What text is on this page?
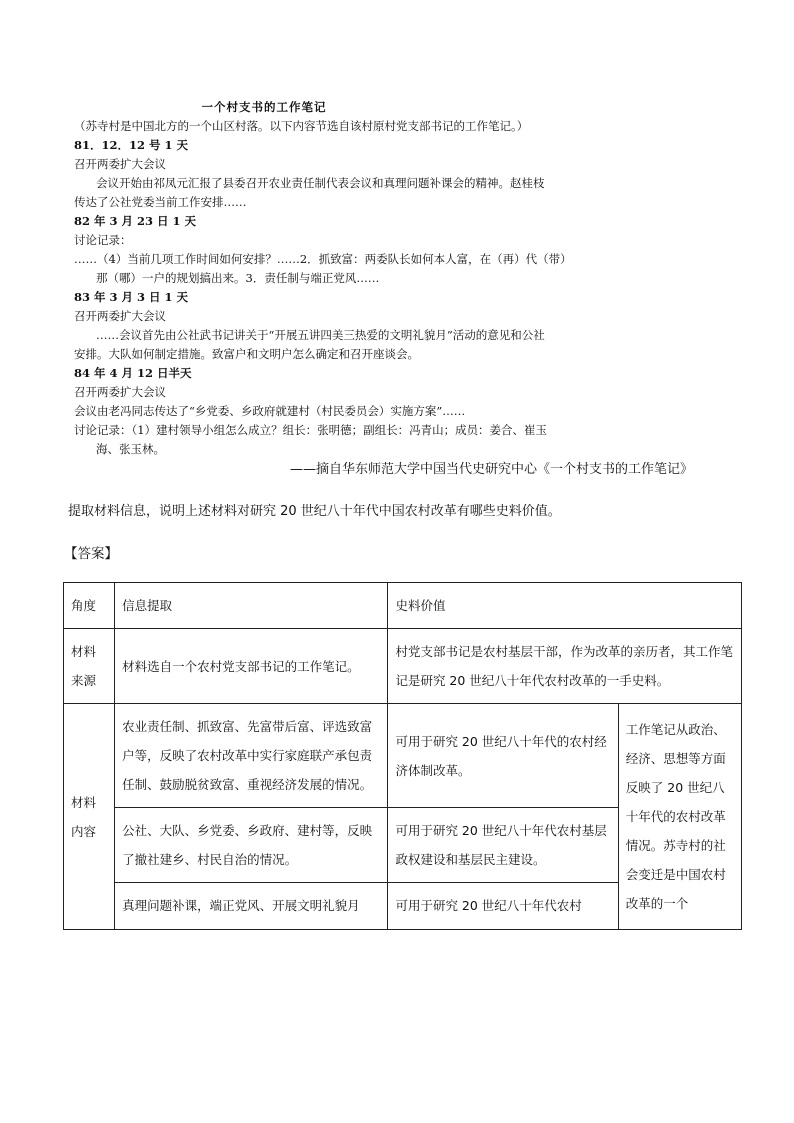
一个村支书的工作笔记

（苏寺村是中国北方的一个山区村落。以下内容节选自该村原村党支部书记的工作笔记。）

81．12．12 号 1 天

召开两委扩大会议

会议开始由祁凤元汇报了县委召开农业责任制代表会议和真理问题补课会的精神。赵桂枝

传达了公社党委当前工作安排……

82 年 3 月 23 日 1 天

讨论记录：

……（4）当前几项工作时间如何安排？……2．抓致富：两委队长如何本人富，在（再）代（带）

那（哪）一户的规划搞出来。3．责任制与端正党风……

83 年 3 月 3 日 1 天

召开两委扩大会议

……会议首先由公社武书记讲关于“开展五讲四美三热爱的文明礼貌月”活动的意见和公社

安排。大队如何制定措施。致富户和文明户怎么确定和召开座谈会。

84 年 4 月 12 日半天

召开两委扩大会议

会议由老冯同志传达了“乡党委、乡政府就建村（村民委员会）实施方案”……

讨论记录：（1）建村领导小组怎么成立？组长：张明德；副组长：冯青山；成员：姜合、崔玉

海、张玉林。

——摘自华东师范大学中国当代史研究中心《一个村支书的工作笔记》
提取材料信息，说明上述材料对研究 20 世纪八十年代中国农村改革有哪些史料价值。
【答案】
角度	信息提取	史料价值	
材料来源	材料选自一个农村党支部书记的工作笔记。	村党支部书记是农村基层干部，作为改革的亲历者，其工作笔记是研究 20 世纪八十年代农村改革的一手史料。	
材料内容	农业责任制、抓致富、先富带后富、评选致富户等，反映了农村改革中实行家庭联产承包责任制、鼓励脱贫致富、重视经济发展的情况。	可用于研究 20 世纪八十年代的农村经济体制改革。	工作笔记从政治、经济、思想等方面反映了 20 世纪八十年代的农村改革情况。苏寺村的社会变迁是中国农村改革的一个
	公社、大队、乡党委、乡政府、建村等，反映了撤社建乡、村民自治的情况。	可用于研究 20 世纪八十年代农村基层政权建设和基层民主建设。	
	真理问题补课，端正党风、开展文明礼貌月	可用于研究 20 世纪八十年代农村	
